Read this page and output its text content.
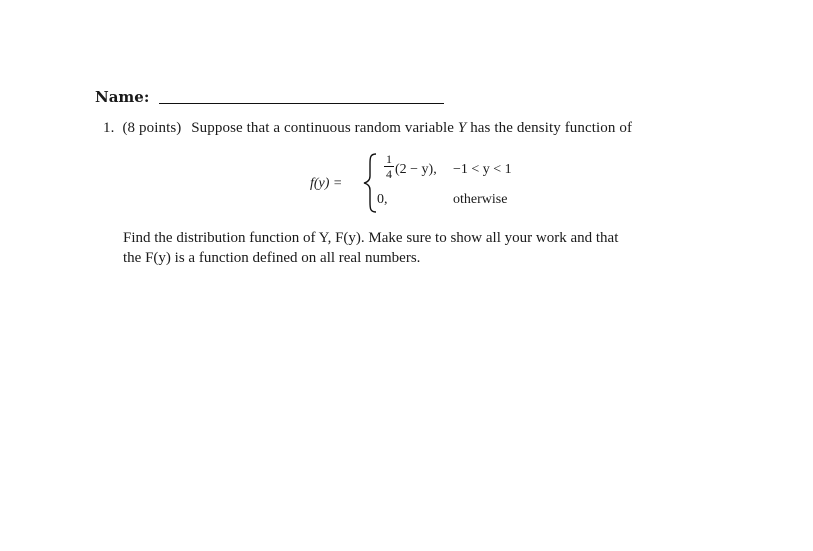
Name:
1. (8 points) Suppose that a continuous random variable Y has the density function of
f(y) =
1
4 (2 − y), −1 < y < 1
0,	otherwise
Find the distribution function of Y, F(y). Make sure to show all your work and that
the F(y) is a function defined on all real numbers.
